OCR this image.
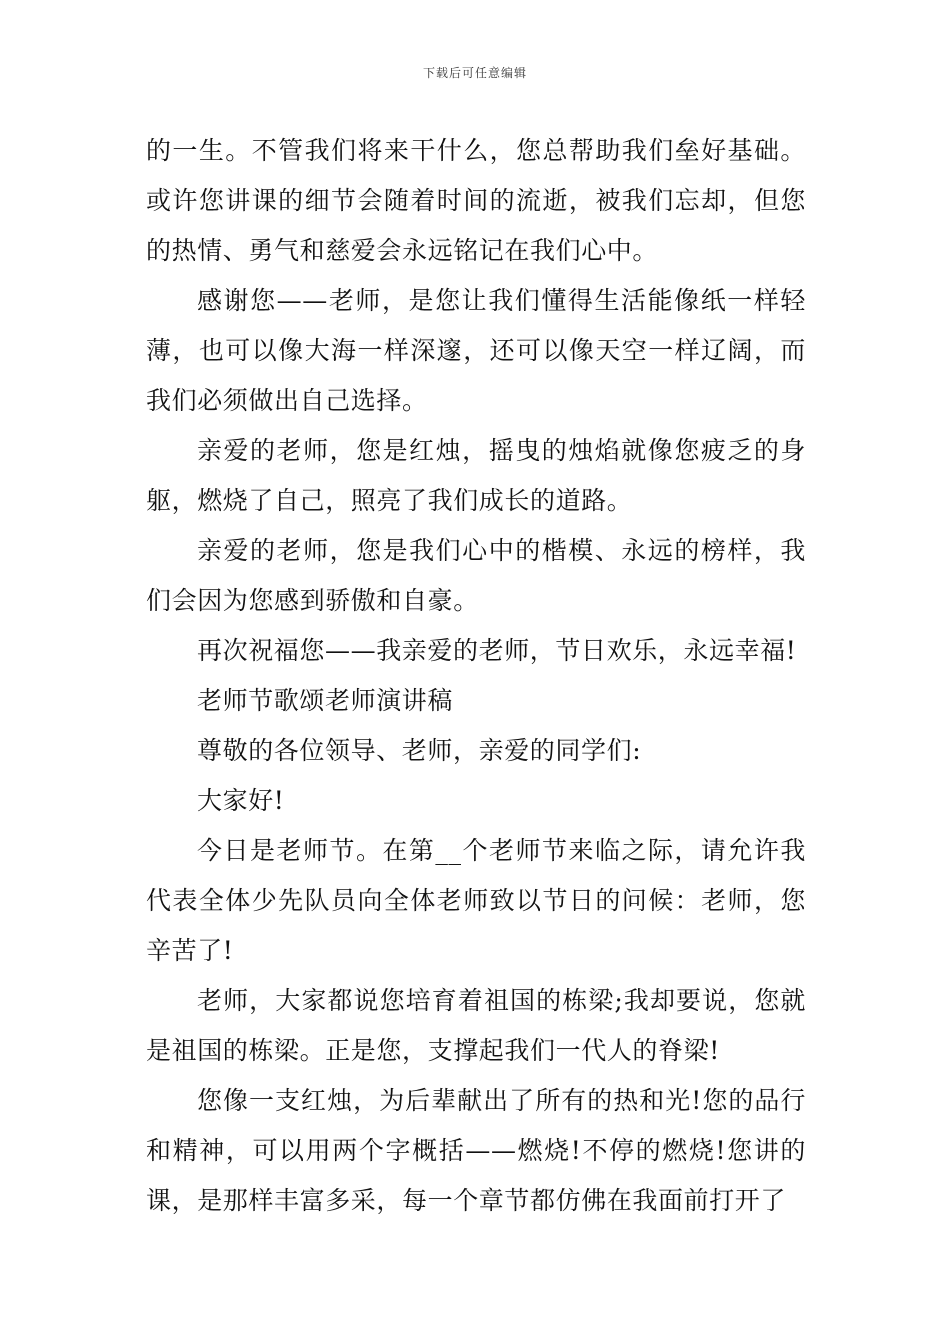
下载后可任意编辑

的一生。不管我们将来干什么，您总帮助我们垒好基础。或许您讲课的细节会随着时间的流逝，被我们忘却，但您的热情、勇气和慈爱会永远铭记在我们心中。

感谢您——老师，是您让我们懂得生活能像纸一样轻薄，也可以像大海一样深邃，还可以像天空一样辽阔，而我们必须做出自己选择。

亲爱的老师，您是红烛，摇曳的烛焰就像您疲乏的身躯，燃烧了自己，照亮了我们成长的道路。

亲爱的老师，您是我们心中的楷模、永远的榜样，我们会因为您感到骄傲和自豪。

再次祝福您——我亲爱的老师，节日欢乐，永远幸福!

老师节歌颂老师演讲稿

尊敬的各位领导、老师，亲爱的同学们:

大家好!

今日是老师节。在第__个老师节来临之际，请允许我代表全体少先队员向全体老师致以节日的问候：老师，您辛苦了!

老师，大家都说您培育着祖国的栋梁;我却要说，您就是祖国的栋梁。正是您，支撑起我们一代人的脊梁!

您像一支红烛，为后辈献出了所有的热和光!您的品行和精神，可以用两个字概括——燃烧!不停的燃烧!您讲的课，是那样丰富多采，每一个章节都仿佛在我面前打开了
